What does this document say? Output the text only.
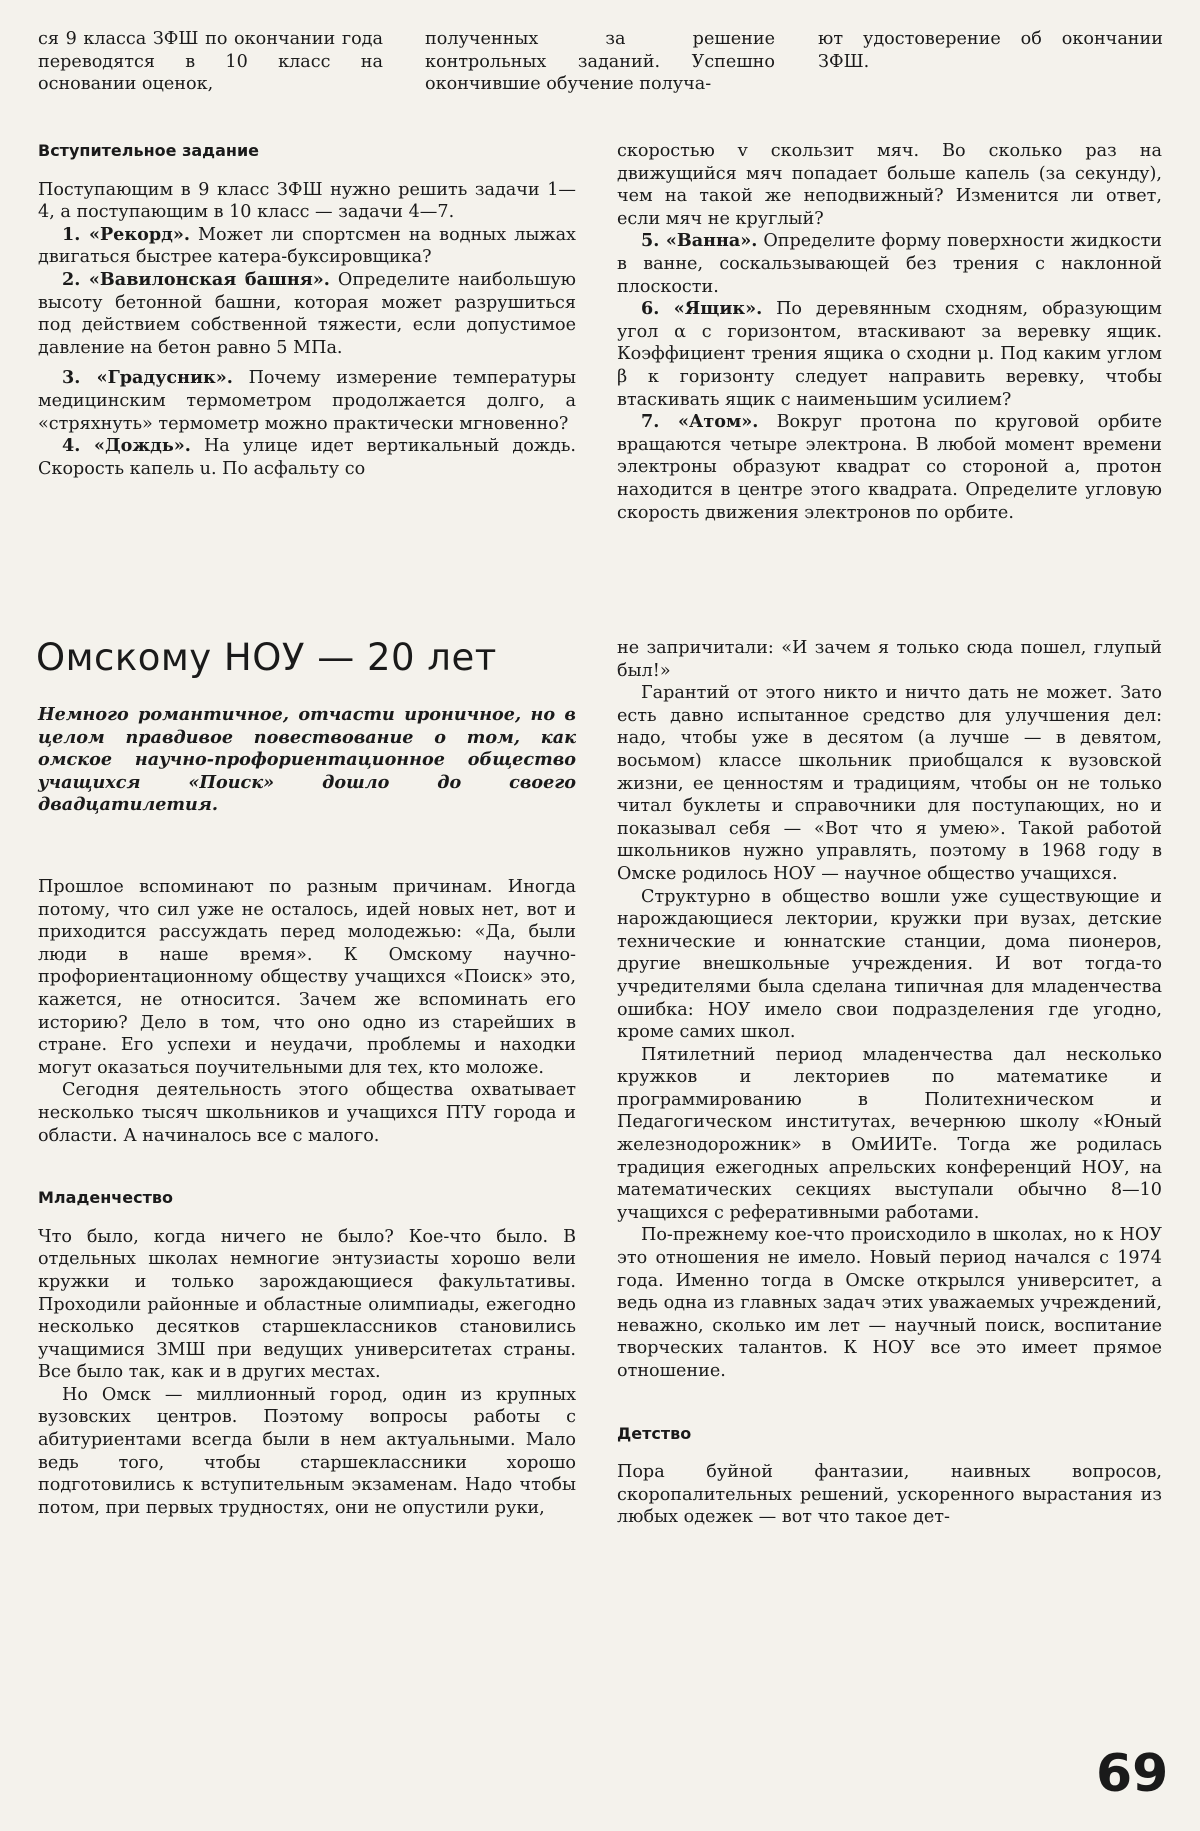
ся 9 класса ЗФШ по окончании года переводятся в 10 класс на основании оценок,

полученных за решение контрольных заданий. Успешно окончившие обучение получа-

ют удостоверение об окончании ЗФШ.

Вступительное задание

Поступающим в 9 класс ЗФШ нужно решить задачи 1—4, а поступающим в 10 класс — задачи 4—7.

1. «Рекорд». Может ли спортсмен на водных лыжах двигаться быстрее катера-буксировщика?

2. «Вавилонская башня». Определите наибольшую высоту бетонной башни, которая может разрушиться под действием собственной тяжести, если допустимое давление на бетон равно 5 МПа.

3. «Градусник». Почему измерение температуры медицинским термометром продолжается долго, а «стряхнуть» термометр можно практически мгновенно?

4. «Дождь». На улице идет вертикальный дождь. Скорость капель u. По асфальту со

скоростью v скользит мяч. Во сколько раз на движущийся мяч попадает больше капель (за секунду), чем на такой же неподвижный? Изменится ли ответ, если мяч не круглый?

5. «Ванна». Определите форму поверхности жидкости в ванне, соскальзывающей без трения с наклонной плоскости.

6. «Ящик». По деревянным сходням, образующим угол α с горизонтом, втаскивают за веревку ящик. Коэффициент трения ящика о сходни μ. Под каким углом β к горизонту следует направить веревку, чтобы втаскивать ящик с наименьшим усилием?

7. «Атом». Вокруг протона по круговой орбите вращаются четыре электрона. В любой момент времени электроны образуют квадрат со стороной a, протон находится в центре этого квадрата. Определите угловую скорость движения электронов по орбите.

Омскому НОУ — 20 лет
Немного романтичное, отчасти ироничное, но в целом правдивое повествование о том, как омское научно-профориентационное общество учащихся «Поиск» дошло до своего двадцатилетия.

Прошлое вспоминают по разным причинам. Иногда потому, что сил уже не осталось, идей новых нет, вот и приходится рассуждать перед молодежью: «Да, были люди в наше время». К Омскому научно-профориентационному обществу учащихся «Поиск» это, кажется, не относится. Зачем же вспоминать его историю? Дело в том, что оно одно из старейших в стране. Его успехи и неудачи, проблемы и находки могут оказаться поучительными для тех, кто моложе.

Сегодня деятельность этого общества охватывает несколько тысяч школьников и учащихся ПТУ города и области. А начиналось все с малого.

Младенчество

Что было, когда ничего не было? Кое-что было. В отдельных школах немногие энтузиасты хорошо вели кружки и только зарождающиеся факультативы. Проходили районные и областные олимпиады, ежегодно несколько десятков старшеклассников становились учащимися ЗМШ при ведущих университетах страны. Все было так, как и в других местах.

Но Омск — миллионный город, один из крупных вузовских центров. Поэтому вопросы работы с абитуриентами всегда были в нем актуальными. Мало ведь того, чтобы старшеклассники хорошо подготовились к вступительным экзаменам. Надо чтобы потом, при первых трудностях, они не опустили руки,

не запричитали: «И зачем я только сюда пошел, глупый был!»

Гарантий от этого никто и ничто дать не может. Зато есть давно испытанное средство для улучшения дел: надо, чтобы уже в десятом (а лучше — в девятом, восьмом) классе школьник приобщался к вузовской жизни, ее ценностям и традициям, чтобы он не только читал буклеты и справочники для поступающих, но и показывал себя — «Вот что я умею». Такой работой школьников нужно управлять, поэтому в 1968 году в Омске родилось НОУ — научное общество учащихся.

Структурно в общество вошли уже существующие и нарождающиеся лектории, кружки при вузах, детские технические и юннатские станции, дома пионеров, другие внешкольные учреждения. И вот тогда-то учредителями была сделана типичная для младенчества ошибка: НОУ имело свои подразделения где угодно, кроме самих школ.

Пятилетний период младенчества дал несколько кружков и лекториев по математике и программированию в Политехническом и Педагогическом институтах, вечернюю школу «Юный железнодорожник» в ОмИИТе. Тогда же родилась традиция ежегодных апрельских конференций НОУ, на математических секциях выступали обычно 8—10 учащихся с реферативными работами.

По-прежнему кое-что происходило в школах, но к НОУ это отношения не имело. Новый период начался с 1974 года. Именно тогда в Омске открылся университет, а ведь одна из главных задач этих уважаемых учреждений, неважно, сколько им лет — научный поиск, воспитание творческих талантов. К НОУ все это имеет прямое отношение.

Детство

Пора буйной фантазии, наивных вопросов, скоропалительных решений, ускоренного вырастания из любых одежек — вот что такое дет-

69
